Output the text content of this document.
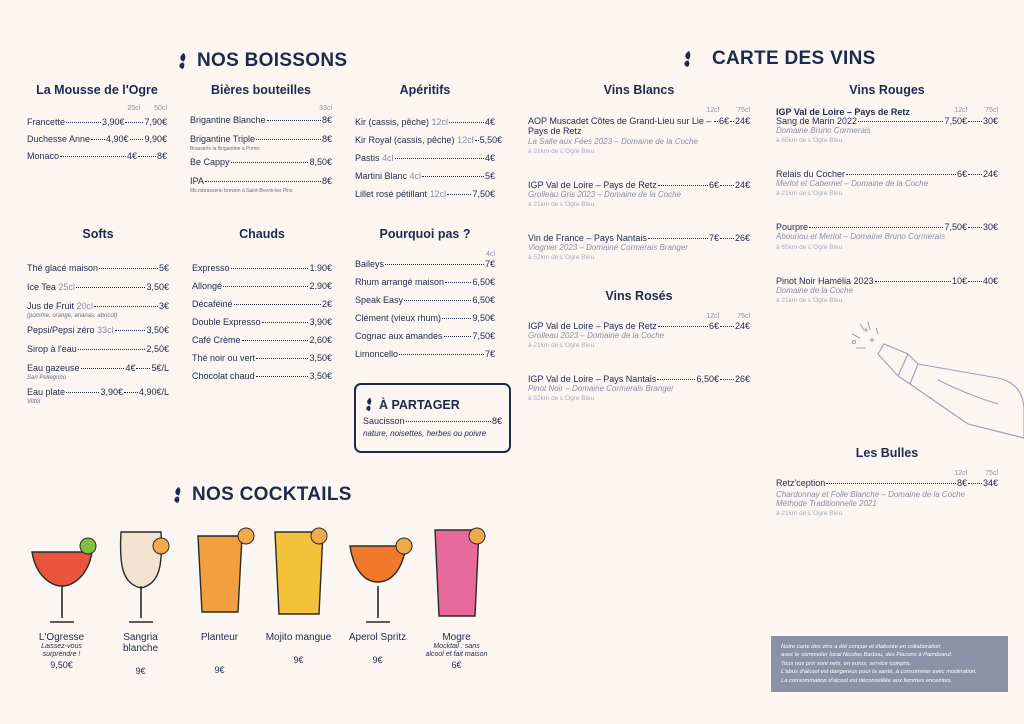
NOS BOISSONS	CARTE DES VINS
NOS COCKTAILS
La Mousse de l'Ogre
25cl 50cl
Francette	3,90€ 7,90€
Duchesse Anne 4,90€ 9,90€
Monaco	4€ 8€
Bières bouteilles
33cl
Brigantine Blanche	8€
Brigantine Triple	8€
Brasserie la Brigantine à Pornic
Be Cappy	8,50€
IPA	8€
Microbrasserie brewen à Saint-Brevin-les Pins
Apéritifs
Kir (cassis, pêche) 12cl	4€
Kir Royal (cassis, pêche) 12cl 5,50€
Pastis 4cl	4€
Martini Blanc 4cl	5€
Lillet rosé pétillant 12cl	7,50€
Softs
Thé glacé maison	5€
Ice Tea 25cl	3,50€
Jus de Fruit 20cl	3€
(pomme, orange, ananas, abricot)
Pepsi/Pepsi zéro 33cl	3,50€
Sirop à l'eau	2,50€
Eau gazeuse	4€ 5€/L
San Pellegrino
Eau plate	3,90€ 4,90€/L
Vittel
Chauds
Expresso	1.90€
Allongé	2.90€
Décaféiné	2€
Double Expresso	3,90€
Café Crème	2,60€
Thé noir ou vert	3,50€
Chocolat chaud	3,50€
Pourquoi pas ?
4cl
Baileys	7€
Rhum arrangé maison	6,50€
Speak Easy	6,50€
Clément (vieux rhum)	9,50€
Cognac aux amandes	7,50€
Limoncello	7€
À PARTAGER
Saucisson	8€
nature, noisettes, herbes ou poivre
Vins Blancs
12cl	75cl
AOP Muscadet Côtes de Grand-Lieu sur Lie – Pays de Retz
6€ 24€
La Salle aux Fées 2023 – Domaine de la Coche
à 21km de L'Ogre Bleu
IGP Val de Loire – Pays de Retz	6€ 24€
Grolleau Gris 2023 – Domaine de la Coche
à 21km de L'Ogre Bleu
Vin de France – Pays Nantais	7€ 26€
Viognier 2023 – Domaine Cormerais Branger
à 52km de L'Ogre Bleu
Vins Rosés
12cl	75cl
IGP Val de Loire – Pays de Retz	6€ 24€
Grolleau 2023 – Domaine de la Coche
à 21km de L'Ogre Bleu
IGP Val de Loire – Pays Nantais	6,50€ 26€
Pinot Noir – Domaine Cormerais Branger
à 52km de L'Ogre Bleu
Vins Rouges
IGP Val de Loire – Pays de Retz	12cl	75cl
Sang de Marin 2022	7,50€ 30€
Domaine Bruno Cormerais
à 65km de L'Ogre Bleu
Relais du Cocher	6€ 24€
Merlot et Cabernet – Domaine de la Coche
à 21km de L'Ogre Bleu
Pourpre	7,50€ 30€
Abouriou et Merlot – Domaine Bruno Cormerais
à 65km de L'Ogre Bleu
Pinot Noir Hamélia 2023	10€ 40€
Domaine de la Coche
à 21km de L'Ogre Bleu
Les Bulles
12cl	75cl
Retz'ception	8€ 34€
Chardonnay et Folle Blanche – Domaine de la Coche Méthode Traditionnelle 2021
à 21km de L'Ogre Bleu
L'Ogresse
Laissez-vous surprendre !
9,50€
Sangria blanche
9€
Planteur
9€
Mojito mangue
9€
Aperol Spritz
9€
Mogre
Mocktail : sans alcool et fait maison
6€
Notre carte des vins a été conçue et élaborée en collaboration
avec le sommelier local Nicolas Barbou, des Flacons à Paimboeuf.
Tous nos prix sont nets, en euros, service compris.
L'abus d'alcool est dangereux pour la santé, à consommer avec modération.
La consommation d'alcool est déconseillée aux femmes enceintes.
